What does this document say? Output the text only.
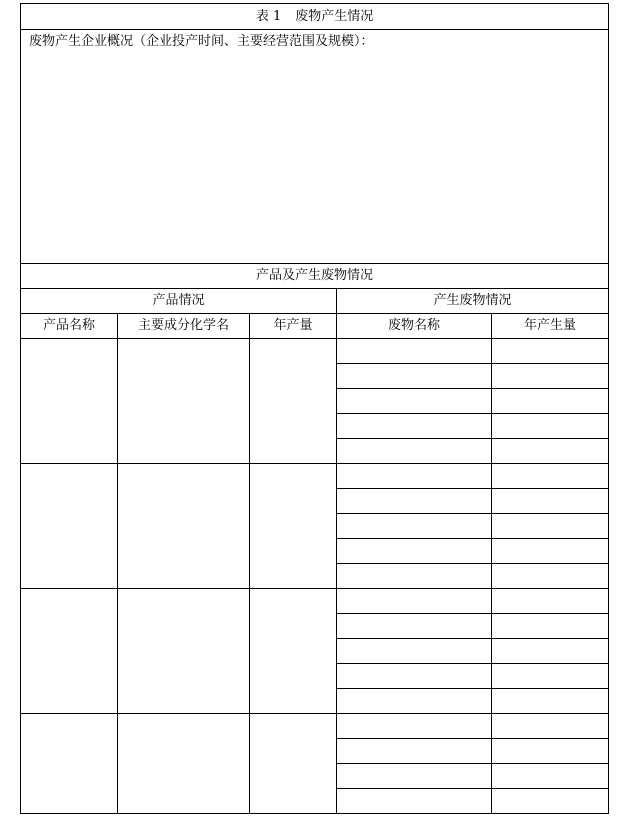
表 1 废物产生情况				
废物产生企业概况（企业投产时间、主要经营范围及规模）：				
产品及产生废物情况				
产品情况			产生废物情况	
产品名称	主要成分化学名	年产量	废物名称	年产生量
